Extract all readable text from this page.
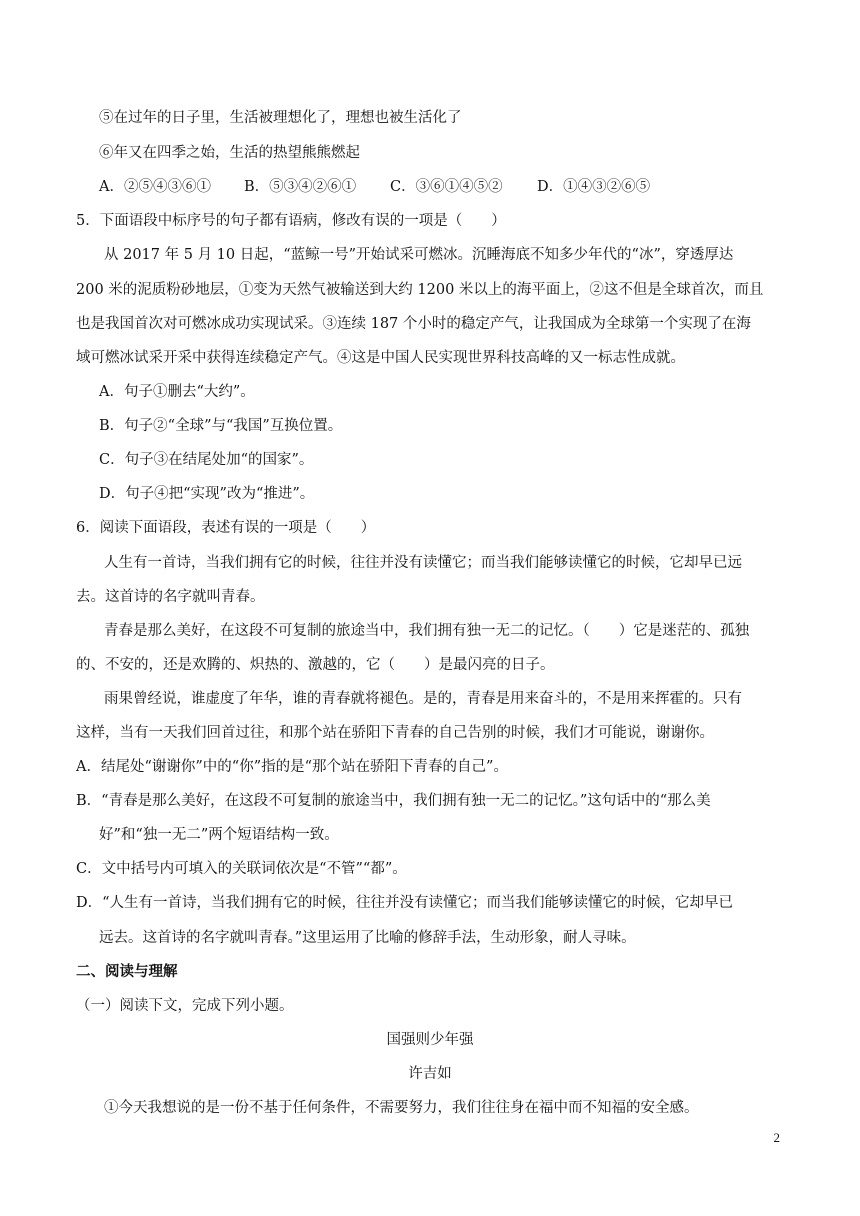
⑤在过年的日子里，生活被理想化了，理想也被生活化了
⑥年又在四季之始，生活的热望熊熊燃起
A．②⑤④③⑥① B．⑤③④②⑥① C．③⑥①④⑤② D．①④③②⑥⑤
5．下面语段中标序号的句子都有语病，修改有误的一项是（　　）
从 2017 年 5 月 10 日起，“蓝鲸一号”开始试采可燃冰。沉睡海底不知多少年代的“冰”，穿透厚达
200 米的泥质粉砂地层，①变为天然气被输送到大约 1200 米以上的海平面上，②这不但是全球首次，而且
也是我国首次对可燃冰成功实现试采。③连续 187 个小时的稳定产气，让我国成为全球第一个实现了在海
域可燃冰试采开采中获得连续稳定产气。④这是中国人民实现世界科技高峰的又一标志性成就。
A．句子①删去“大约”。
B．句子②“全球”与“我国”互换位置。
C．句子③在结尾处加“的国家”。
D．句子④把“实现”改为“推进”。
6．阅读下面语段，表述有误的一项是（　　）
人生有一首诗，当我们拥有它的时候，往往并没有读懂它；而当我们能够读懂它的时候，它却早已远
去。这首诗的名字就叫青春。
青春是那么美好，在这段不可复制的旅途当中，我们拥有独一无二的记忆。（　　）它是迷茫的、孤独
的、不安的，还是欢腾的、炽热的、激越的，它（　　）是最闪亮的日子。
雨果曾经说，谁虚度了年华，谁的青春就将褪色。是的，青春是用来奋斗的，不是用来挥霍的。只有
这样，当有一天我们回首过往，和那个站在骄阳下青春的自己告别的时候，我们才可能说，谢谢你。
A．结尾处“谢谢你”中的“你”指的是“那个站在骄阳下青春的自己”。
B．“青春是那么美好，在这段不可复制的旅途当中，我们拥有独一无二的记忆。”这句话中的“那么美
好”和“独一无二”两个短语结构一致。
C．文中括号内可填入的关联词依次是“不管”“都”。
D．“人生有一首诗，当我们拥有它的时候，往往并没有读懂它；而当我们能够读懂它的时候，它却早已
远去。这首诗的名字就叫青春。”这里运用了比喻的修辞手法，生动形象，耐人寻味。
二、阅读与理解
（一）阅读下文，完成下列小题。
国强则少年强
许吉如
①今天我想说的是一份不基于任何条件，不需要努力，我们往往身在福中而不知福的安全感。
2
